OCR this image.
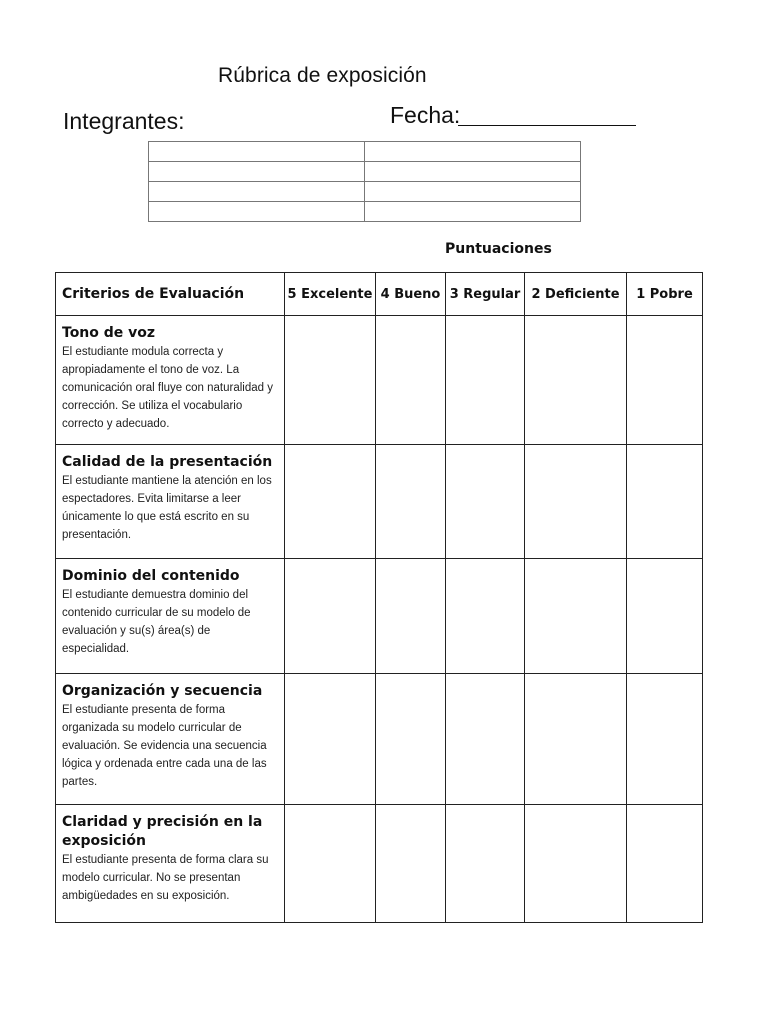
Rúbrica de exposición
Integrantes:	Fecha:

Puntuaciones
Criterios de Evaluación	5 Excelente	4 Bueno	3 Regular	2 Deficiente	1 Pobre

Tono de voz
El estudiante modula correcta y apropiadamente el tono de voz. La comunicación oral fluye con naturalidad y corrección. Se utiliza el vocabulario correcto y adecuado.					

Calidad de la presentación
El estudiante mantiene la atención en los espectadores. Evita limitarse a leer únicamente lo que está escrito en su presentación.					

Dominio del contenido
El estudiante demuestra dominio del contenido curricular de su modelo de evaluación y su(s) área(s) de especialidad.					

Organización y secuencia
El estudiante presenta de forma organizada su modelo curricular de evaluación. Se evidencia una secuencia lógica y ordenada entre cada una de las partes.					

Claridad y precisión en la exposición
El estudiante presenta de forma clara su modelo curricular. No se presentan ambigüedades en su exposición.					
